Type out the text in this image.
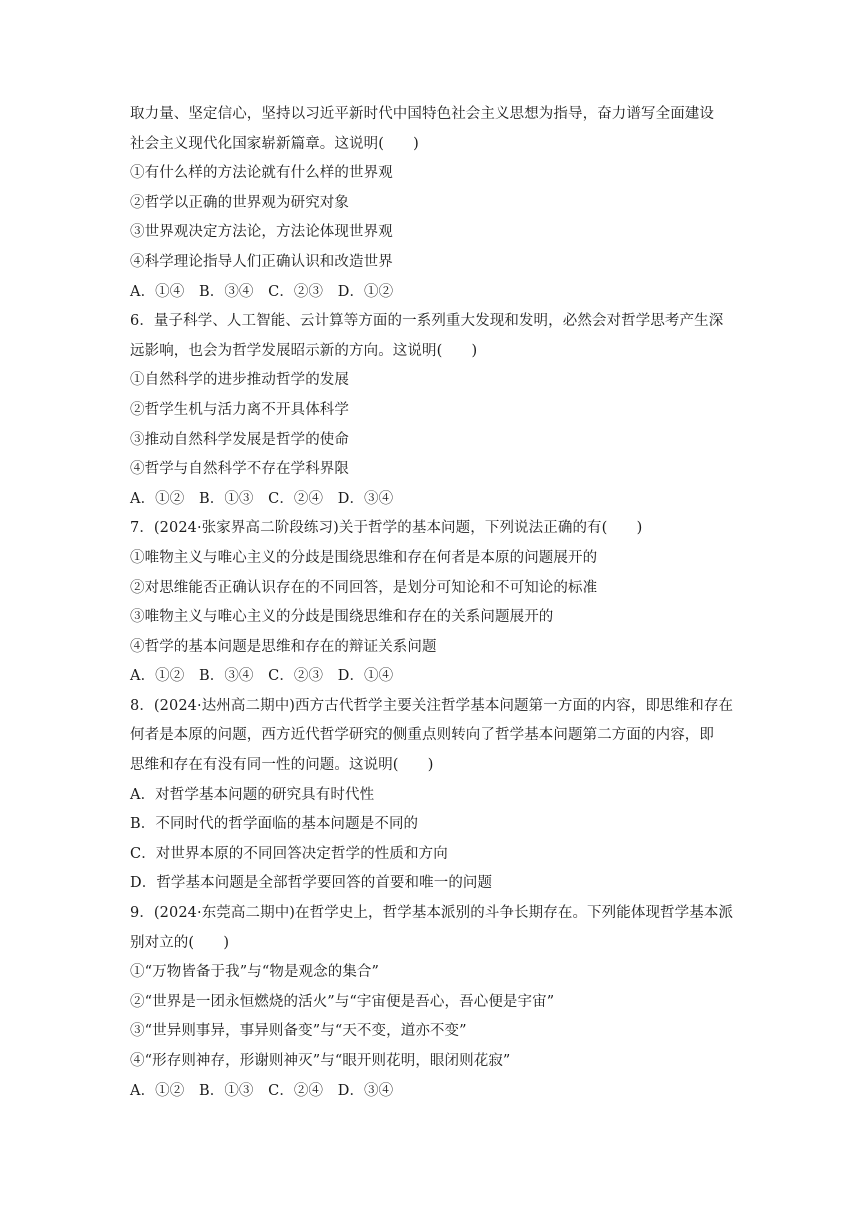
取力量、坚定信心，坚持以习近平新时代中国特色社会主义思想为指导，奋力谱写全面建设
社会主义现代化国家崭新篇章。这说明(　　)
①有什么样的方法论就有什么样的世界观
②哲学以正确的世界观为研究对象
③世界观决定方法论，方法论体现世界观
④科学理论指导人们正确认识和改造世界
A．①④　B．③④　C．②③　D．①②
6．量子科学、人工智能、云计算等方面的一系列重大发现和发明，必然会对哲学思考产生深
远影响，也会为哲学发展昭示新的方向。这说明(　　)
①自然科学的进步推动哲学的发展
②哲学生机与活力离不开具体科学
③推动自然科学发展是哲学的使命
④哲学与自然科学不存在学科界限
A．①②　B．①③　C．②④　D．③④
7．(2024·张家界高二阶段练习)关于哲学的基本问题，下列说法正确的有(　　)
①唯物主义与唯心主义的分歧是围绕思维和存在何者是本原的问题展开的
②对思维能否正确认识存在的不同回答，是划分可知论和不可知论的标准
③唯物主义与唯心主义的分歧是围绕思维和存在的关系问题展开的
④哲学的基本问题是思维和存在的辩证关系问题
A．①②　B．③④　C．②③　D．①④
8．(2024·达州高二期中)西方古代哲学主要关注哲学基本问题第一方面的内容，即思维和存在
何者是本原的问题，西方近代哲学研究的侧重点则转向了哲学基本问题第二方面的内容，即
思维和存在有没有同一性的问题。这说明(　　)
A．对哲学基本问题的研究具有时代性
B．不同时代的哲学面临的基本问题是不同的
C．对世界本原的不同回答决定哲学的性质和方向
D．哲学基本问题是全部哲学要回答的首要和唯一的问题
9．(2024·东莞高二期中)在哲学史上，哲学基本派别的斗争长期存在。下列能体现哲学基本派
别对立的(　　)
①“万物皆备于我”与“物是观念的集合”
②“世界是一团永恒燃烧的活火”与“宇宙便是吾心，吾心便是宇宙”
③“世异则事异，事异则备变”与“天不变，道亦不变”
④“形存则神存，形谢则神灭”与“眼开则花明，眼闭则花寂”
A．①②　B．①③　C．②④　D．③④
